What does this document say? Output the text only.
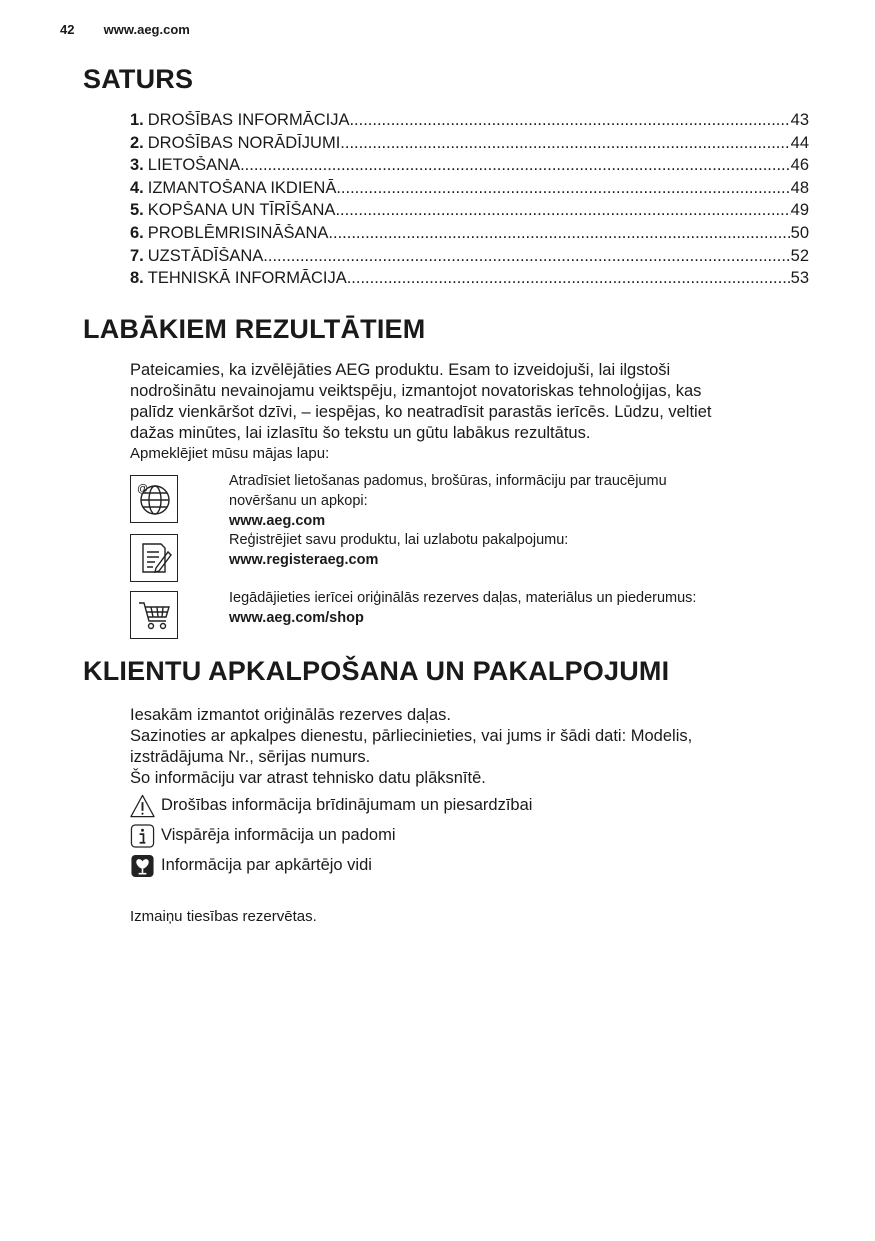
42 www.aeg.com
SATURS
1. DROŠĪBAS INFORMĀCIJA .....	43
2. DROŠĪBAS NORĀDĪJUMI .....	44
3. LIETOŠANA .....	46
4. IZMANTOŠANA IKDIENĀ .....	48
5. KOPŠANA UN TĪRĪŠANA .....	49
6. PROBLĒMRISINĀŠANA .....	50
7. UZSTĀDĪŠANA .....	52
8. TEHNISKĀ INFORMĀCIJA .....	53
LABĀKIEM REZULTĀTIEM
Pateicamies, ka izvēlējāties AEG produktu. Esam to izveidojuši, lai ilgstoši
nodrošinātu nevainojamu veiktspēju, izmantojot novatoriskas tehnoloģijas, kas
palīdz vienkāršot dzīvi, – iespējas, ko neatradīsit parastās ierīcēs. Lūdzu, veltiet
dažas minūtes, lai izlasītu šo tekstu un gūtu labākus rezultātus.
Apmeklējiet mūsu mājas lapu:
@	Atradīsiet lietošanas padomus, brošūras, informāciju par traucējumu
novēršanu un apkopi:
www.aeg.com
Reģistrējiet savu produktu, lai uzlabotu pakalpojumu:
www.registeraeg.com
Iegādājieties ierīcei oriģinālās rezerves daļas, materiālus un piederumus:
www.aeg.com/shop
KLIENTU APKALPOŠANA UN PAKALPOJUMI
Iesakām izmantot oriģinālās rezerves daļas.
Sazinoties ar apkalpes dienestu, pārliecinieties, vai jums ir šādi dati: Modelis,
izstrādājuma Nr., sērijas numurs.
Šo informāciju var atrast tehnisko datu plāksnītē.
Drošības informācija brīdinājumam un piesardzībai
Vispārēja informācija un padomi
Informācija par apkārtējo vidi
Izmaiņu tiesības rezervētas.
